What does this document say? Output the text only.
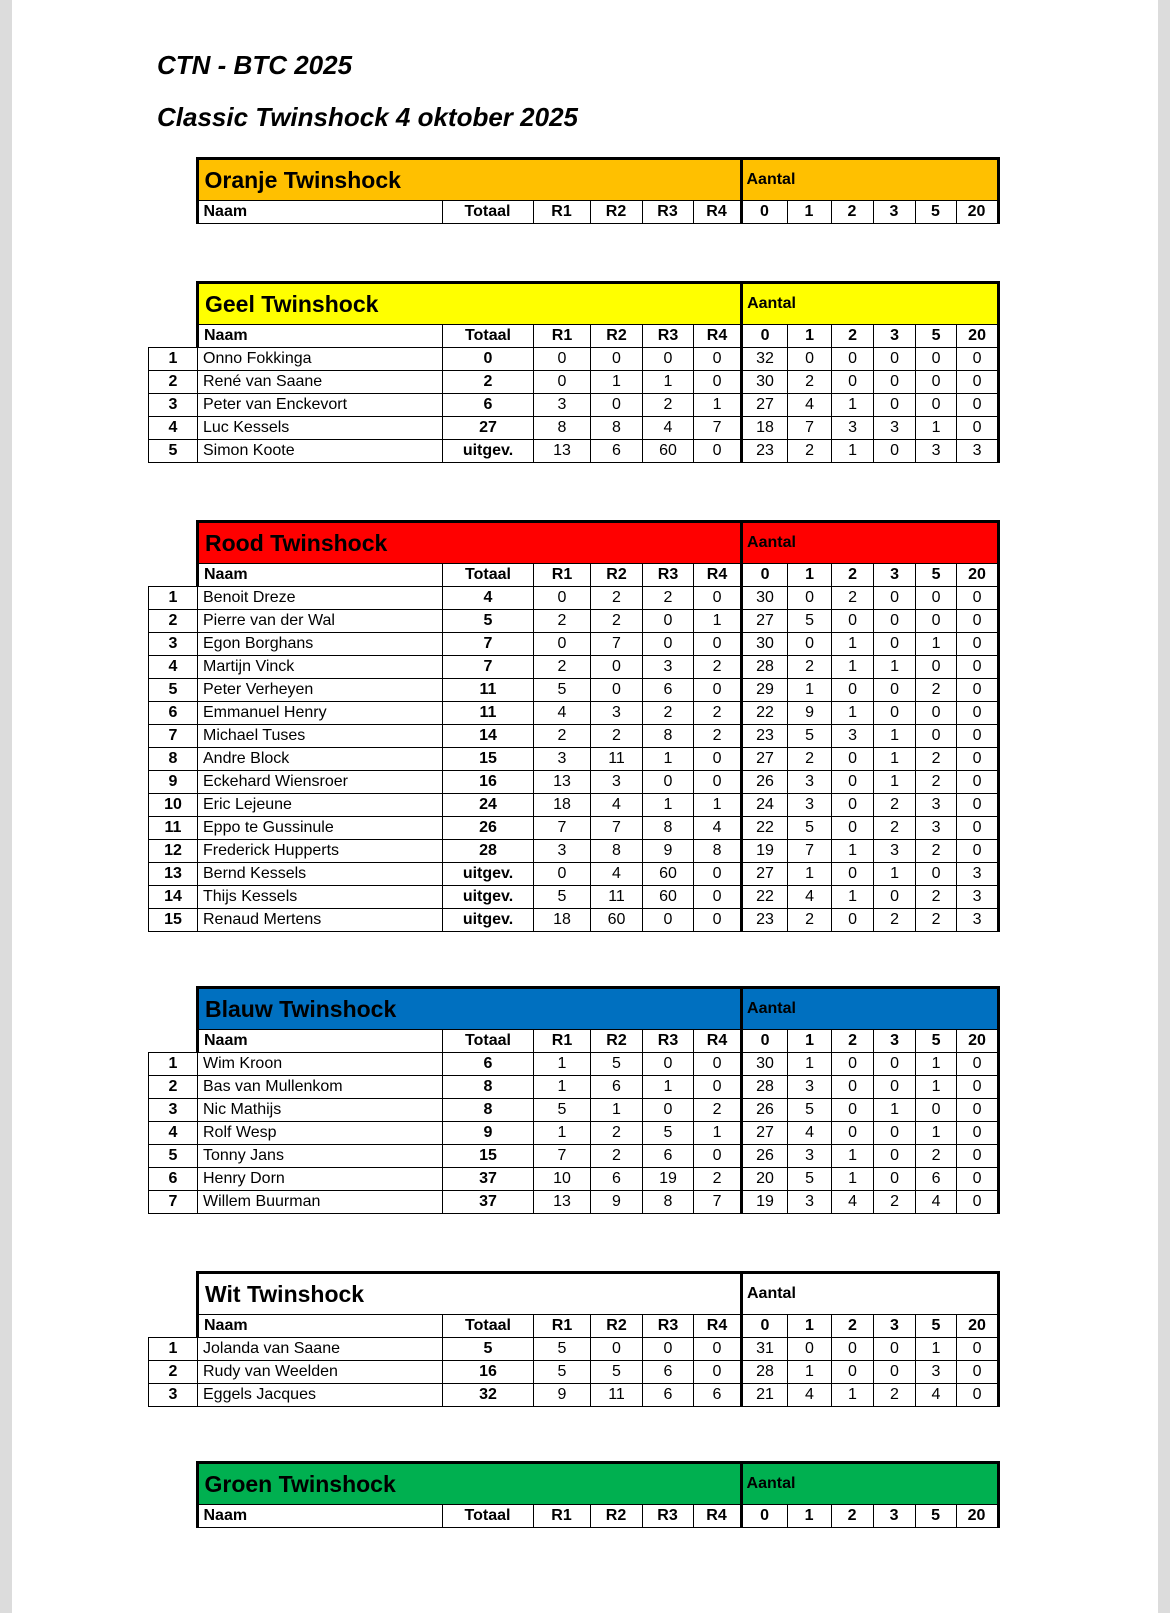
CTN - BTC 2025
Classic Twinshock 4 oktober 2025
	Oranje Twinshock						Aantal					
	Naam	Totaal	R1	R2	R3	R4	0	1	2	3	5	20
	Geel Twinshock						Aantal					
	Naam	Totaal	R1	R2	R3	R4	0	1	2	3	5	20
1	Onno Fokkinga	0	0	0	0	0	32	0	0	0	0	0
2	René van Saane	2	0	1	1	0	30	2	0	0	0	0
3	Peter van Enckevort	6	3	0	2	1	27	4	1	0	0	0
4	Luc Kessels	27	8	8	4	7	18	7	3	3	1	0
5	Simon Koote	uitgev.	13	6	60	0	23	2	1	0	3	3
	Rood Twinshock						Aantal					
	Naam	Totaal	R1	R2	R3	R4	0	1	2	3	5	20
1	Benoit Dreze	4	0	2	2	0	30	0	2	0	0	0
2	Pierre van der Wal	5	2	2	0	1	27	5	0	0	0	0
3	Egon Borghans	7	0	7	0	0	30	0	1	0	1	0
4	Martijn Vinck	7	2	0	3	2	28	2	1	1	0	0
5	Peter Verheyen	11	5	0	6	0	29	1	0	0	2	0
6	Emmanuel Henry	11	4	3	2	2	22	9	1	0	0	0
7	Michael Tuses	14	2	2	8	2	23	5	3	1	0	0
8	Andre Block	15	3	11	1	0	27	2	0	1	2	0
9	Eckehard Wiensroer	16	13	3	0	0	26	3	0	1	2	0
10	Eric Lejeune	24	18	4	1	1	24	3	0	2	3	0
11	Eppo te Gussinule	26	7	7	8	4	22	5	0	2	3	0
12	Frederick Hupperts	28	3	8	9	8	19	7	1	3	2	0
13	Bernd Kessels	uitgev.	0	4	60	0	27	1	0	1	0	3
14	Thijs Kessels	uitgev.	5	11	60	0	22	4	1	0	2	3
15	Renaud Mertens	uitgev.	18	60	0	0	23	2	0	2	2	3
	Blauw Twinshock						Aantal					
	Naam	Totaal	R1	R2	R3	R4	0	1	2	3	5	20
1	Wim Kroon	6	1	5	0	0	30	1	0	0	1	0
2	Bas van Mullenkom	8	1	6	1	0	28	3	0	0	1	0
3	Nic Mathijs	8	5	1	0	2	26	5	0	1	0	0
4	Rolf Wesp	9	1	2	5	1	27	4	0	0	1	0
5	Tonny Jans	15	7	2	6	0	26	3	1	0	2	0
6	Henry Dorn	37	10	6	19	2	20	5	1	0	6	0
7	Willem Buurman	37	13	9	8	7	19	3	4	2	4	0
	Wit Twinshock						Aantal					
	Naam	Totaal	R1	R2	R3	R4	0	1	2	3	5	20
1	Jolanda van Saane	5	5	0	0	0	31	0	0	0	1	0
2	Rudy van Weelden	16	5	5	6	0	28	1	0	0	3	0
3	Eggels Jacques	32	9	11	6	6	21	4	1	2	4	0
	Groen Twinshock						Aantal					
	Naam	Totaal	R1	R2	R3	R4	0	1	2	3	5	20
